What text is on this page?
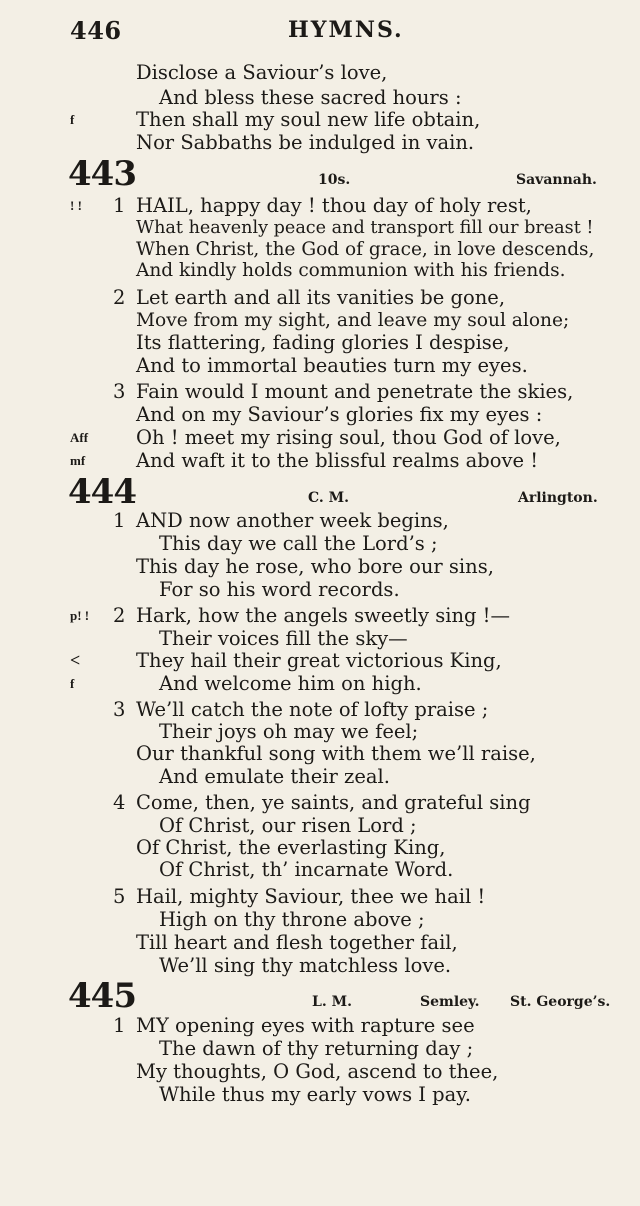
446	HYMNS.
Disclose a Saviour’s love,
And bless these sacred hours :
f	Then shall my soul new life obtain,
Nor Sabbaths be indulged in vain.
443	10s.	Savannah.
! ! 1 HAIL, happy day ! thou day of holy rest,
What heavenly peace and transport fill our breast !
When Christ, the God of grace, in love descends,
And kindly holds communion with his friends.
2 Let earth and all its vanities be gone,
Move from my sight, and leave my soul alone;
Its flattering, fading glories I despise,
And to immortal beauties turn my eyes.
3 Fain would I mount and penetrate the skies,
And on my Saviour’s glories fix my eyes :
Aff Oh ! meet my rising soul, thou God of love,
mf	And waft it to the blissful realms above !
444	C. M.	Arlington.
1 AND now another week begins,
This day we call the Lord’s ;
This day he rose, who bore our sins,
For so his word records.
p! ! 2 Hark, how the angels sweetly sing !—
Their voices fill the sky—
<	They hail their great victorious King,
f	And welcome him on high.
3 We’ll catch the note of lofty praise ;
Their joys oh may we feel;
Our thankful song with them we’ll raise,
And emulate their zeal.
4 Come, then, ye saints, and grateful sing
Of Christ, our risen Lord ;
Of Christ, the everlasting King,
Of Christ, th’ incarnate Word.
5 Hail, mighty Saviour, thee we hail !
High on thy throne above ;
Till heart and flesh together fail,
We’ll sing thy matchless love.
445	L. M.	Semley. St. George’s.
1 MY opening eyes with rapture see
The dawn of thy returning day ;
My thoughts, O God, ascend to thee,
While thus my early vows I pay.
